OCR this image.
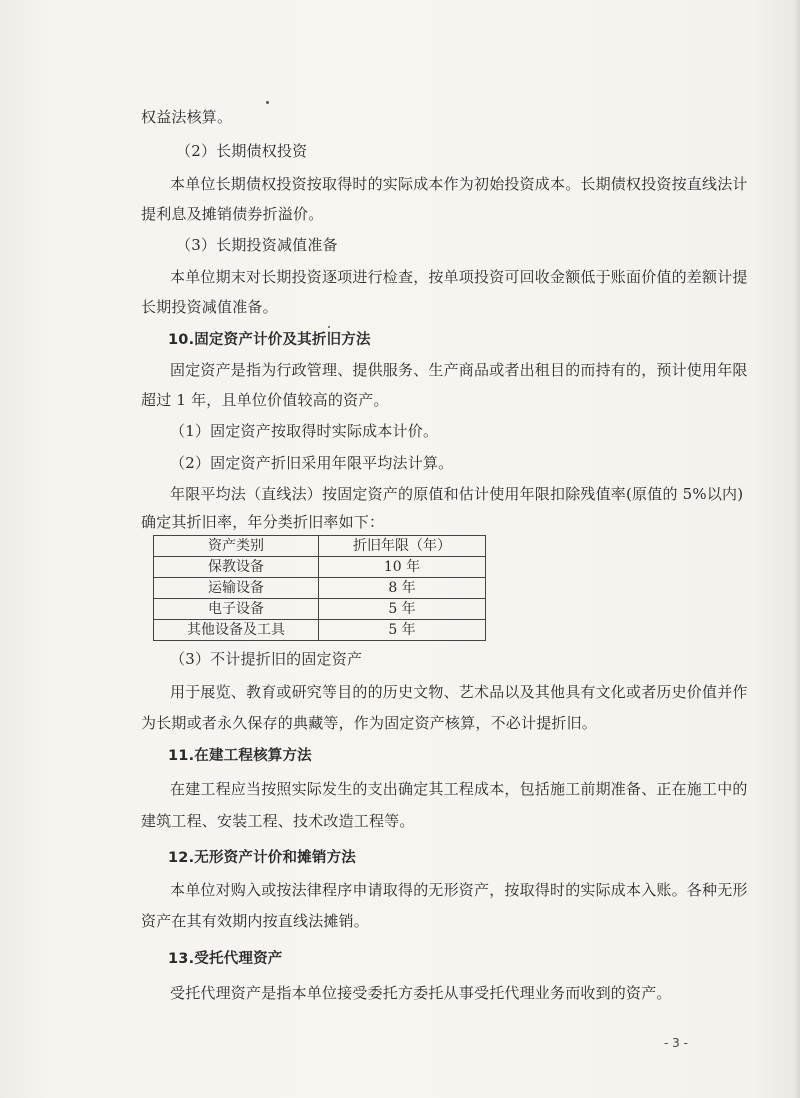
权益法核算。
（2）长期债权投资
本单位长期债权投资按取得时的实际成本作为初始投资成本。长期债权投资按直线法计
提利息及摊销债券折溢价。
（3）长期投资减值准备
本单位期末对长期投资逐项进行检查，按单项投资可回收金额低于账面价值的差额计提
长期投资减值准备。
10.固定资产计价及其折旧方法
固定资产是指为行政管理、提供服务、生产商品或者出租目的而持有的，预计使用年限
超过 1 年，且单位价值较高的资产。
（1）固定资产按取得时实际成本计价。
（2）固定资产折旧采用年限平均法计算。
年限平均法（直线法）按固定资产的原值和估计使用年限扣除残值率(原值的 5%以内)
确定其折旧率，年分类折旧率如下：
资产类别	折旧年限（年）
保教设备	10 年
运输设备	8 年
电子设备	5 年
其他设备及工具	5 年
（3）不计提折旧的固定资产
用于展览、教育或研究等目的的历史文物、艺术品以及其他具有文化或者历史价值并作
为长期或者永久保存的典藏等，作为固定资产核算，不必计提折旧。
11.在建工程核算方法
在建工程应当按照实际发生的支出确定其工程成本，包括施工前期准备、正在施工中的
建筑工程、安装工程、技术改造工程等。
12.无形资产计价和摊销方法
本单位对购入或按法律程序申请取得的无形资产，按取得时的实际成本入账。各种无形
资产在其有效期内按直线法摊销。
13.受托代理资产
受托代理资产是指本单位接受委托方委托从事受托代理业务而收到的资产。
- 3 -
